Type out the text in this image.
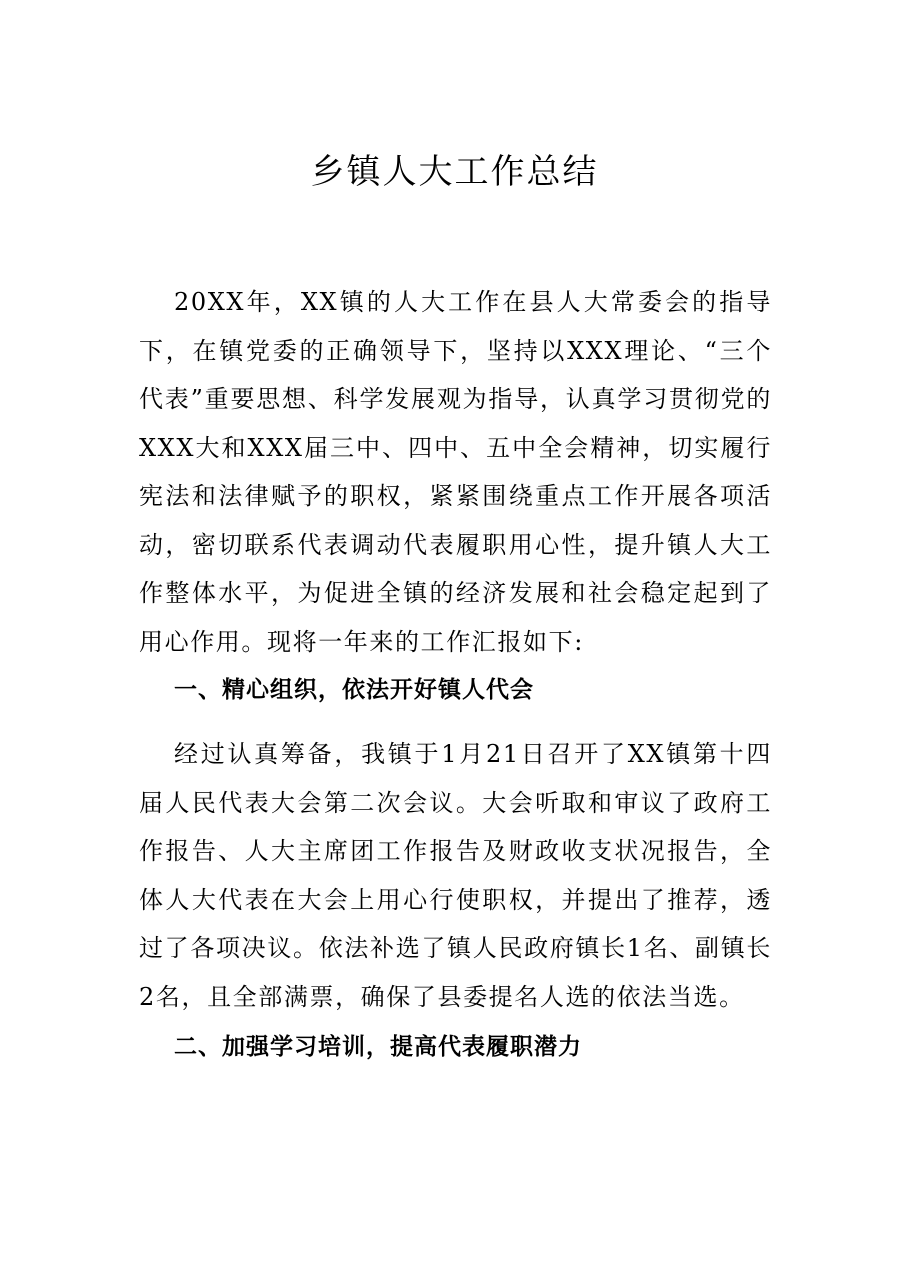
乡镇人大工作总结

20XX年，XX镇的人大工作在县人大常委会的指导下，在镇党委的正确领导下，坚持以XXX理论、“三个代表”重要思想、科学发展观为指导，认真学习贯彻党的XXX大和XXX届三中、四中、五中全会精神，切实履行宪法和法律赋予的职权，紧紧围绕重点工作开展各项活动，密切联系代表调动代表履职用心性，提升镇人大工作整体水平，为促进全镇的经济发展和社会稳定起到了用心作用。现将一年来的工作汇报如下:

一、精心组织，依法开好镇人代会

经过认真筹备，我镇于1月21日召开了XX镇第十四届人民代表大会第二次会议。大会听取和审议了政府工作报告、人大主席团工作报告及财政收支状况报告，全体人大代表在大会上用心行使职权，并提出了推荐，透过了各项决议。依法补选了镇人民政府镇长1名、副镇长2名，且全部满票，确保了县委提名人选的依法当选。

二、加强学习培训，提高代表履职潜力
